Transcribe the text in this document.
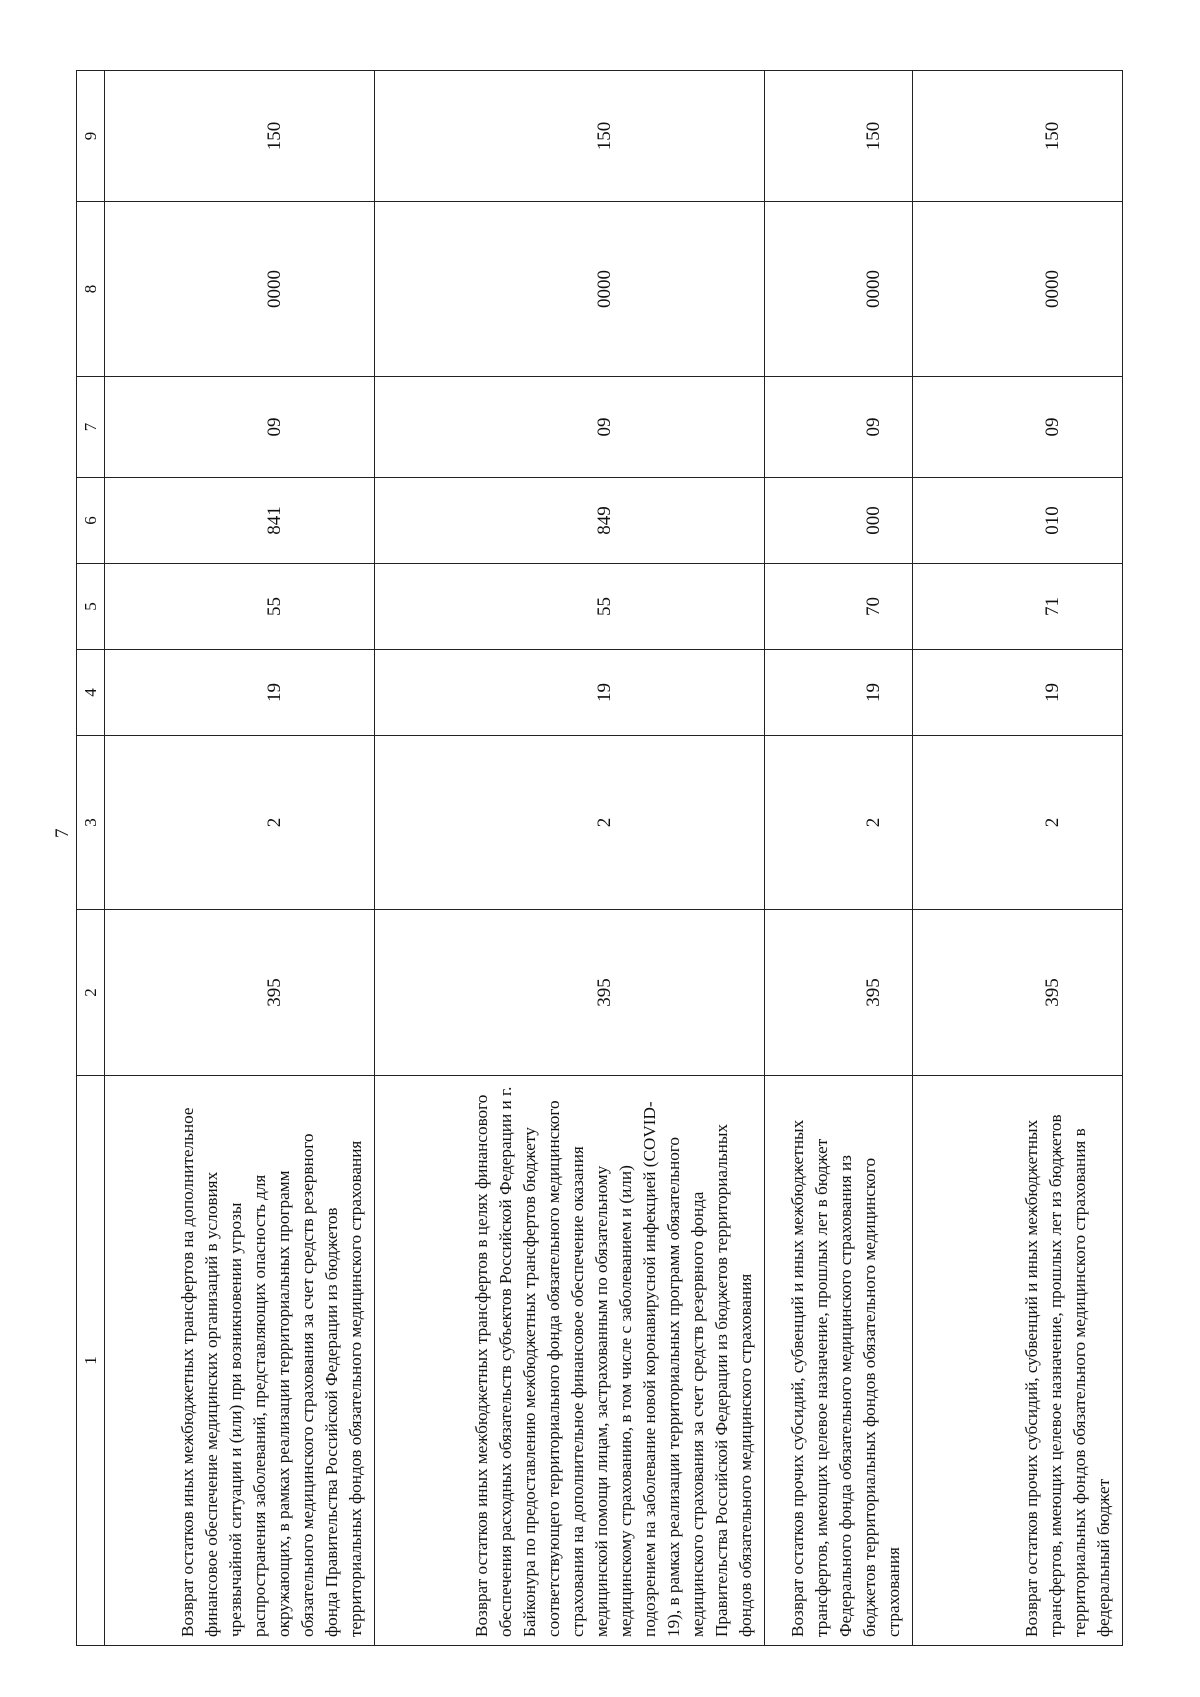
7
1	2	3	4	5	6	7	8	9
Возврат остатков иных межбюджетных трансфертов на дополнительное финансовое обеспечение медицинских организаций в условиях чрезвычайной ситуации и (или) при возникновении угрозы распространения заболеваний, представляющих опасность для окружающих, в рамках реализации территориальных программ обязательного медицинского страхования за счет средств резервного фонда Правительства Российской Федерации из бюджетов территориальных фондов обязательного медицинского страхования	395	2	19	55	841	09	0000	150
Возврат остатков иных межбюджетных трансфертов в целях финансового обеспечения расходных обязательств субъектов Российской Федерации и г. Байконура по предоставлению межбюджетных трансфертов бюджету соответствующего территориального фонда обязательного медицинского страхования на дополнительное финансовое обеспечение оказания медицинской помощи лицам, застрахованным по обязательному медицинскому страхованию, в том числе с заболеванием и (или) подозрением на заболевание новой коронавирусной инфекцией (COVID-19), в рамках реализации территориальных программ обязательного медицинского страхования за счет средств резервного фонда Правительства Российской Федерации из бюджетов территориальных фондов обязательного медицинского страхования	395	2	19	55	849	09	0000	150
Возврат остатков прочих субсидий, субвенций и иных межбюджетных трансфертов, имеющих целевое назначение, прошлых лет в бюджет Федерального фонда обязательного медицинского страхования из бюджетов территориальных фондов обязательного медицинского страхования	395	2	19	70	000	09	0000	150
Возврат остатков прочих субсидий, субвенций и иных межбюджетных трансфертов, имеющих целевое назначение, прошлых лет из бюджетов территориальных фондов обязательного медицинского страхования в федеральный бюджет	395	2	19	71	010	09	0000	150
